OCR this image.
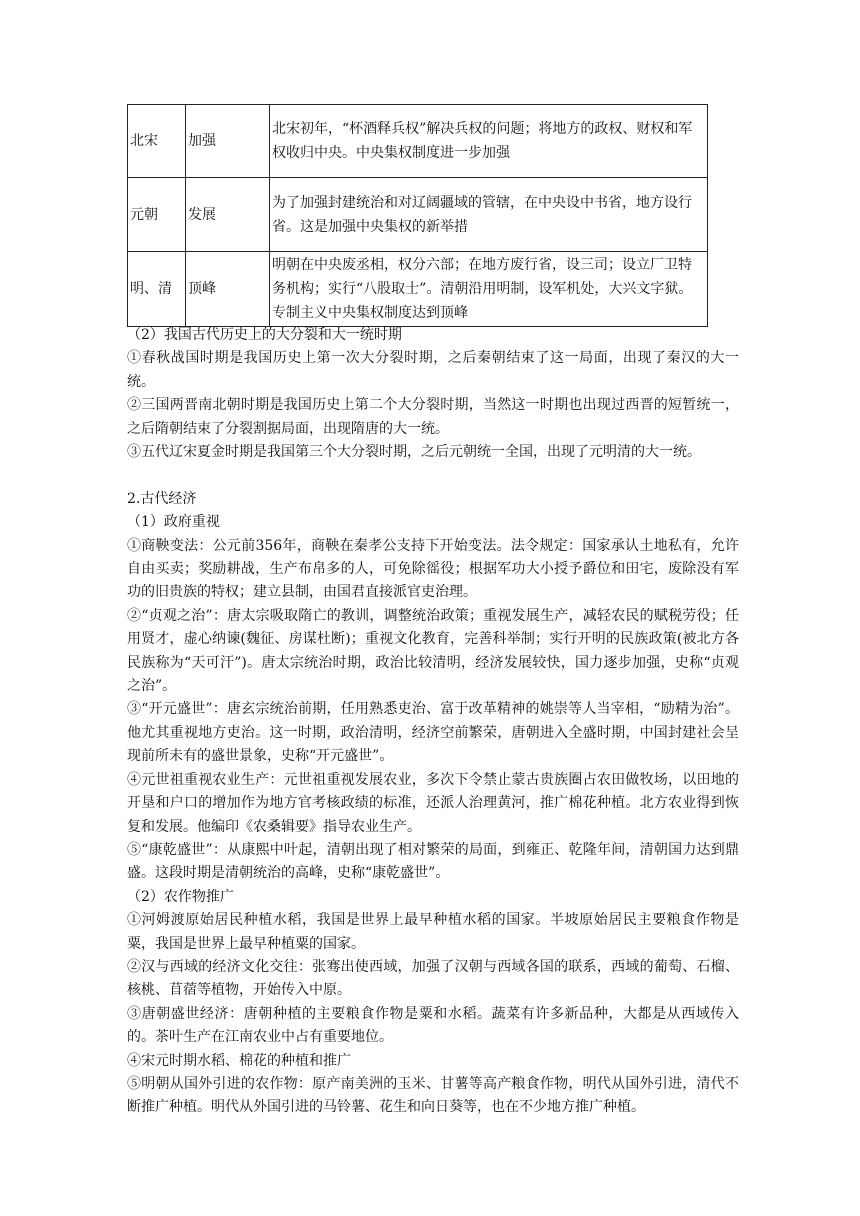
北宋	加强	北宋初年，“杯酒释兵权”解决兵权的问题；将地方的政权、财权和军权收归中央。中央集权制度进一步加强
元朝	发展	为了加强封建统治和对辽阔疆域的管辖，在中央设中书省，地方设行省。这是加强中央集权的新举措
明、清	顶峰	明朝在中央废丞相，权分六部；在地方废行省，设三司；设立厂卫特务机构；实行“八股取士”。清朝沿用明制，设军机处，大兴文字狱。专制主义中央集权制度达到顶峰

（2）我国古代历史上的大分裂和大一统时期

①春秋战国时期是我国历史上第一次大分裂时期，之后秦朝结束了这一局面，出现了秦汉的大一统。

②三国两晋南北朝时期是我国历史上第二个大分裂时期，当然这一时期也出现过西晋的短暂统一，之后隋朝结束了分裂割据局面，出现隋唐的大一统。

③五代辽宋夏金时期是我国第三个大分裂时期，之后元朝统一全国，出现了元明清的大一统。

2.古代经济

（1）政府重视

①商鞅变法：公元前356年，商鞅在秦孝公支持下开始变法。法令规定：国家承认土地私有，允许自由买卖；奖励耕战，生产布帛多的人，可免除徭役；根据军功大小授予爵位和田宅，废除没有军功的旧贵族的特权；建立县制，由国君直接派官吏治理。

②“贞观之治”：唐太宗吸取隋亡的教训，调整统治政策；重视发展生产，减轻农民的赋税劳役；任用贤才，虚心纳谏(魏征、房谋杜断)；重视文化教育，完善科举制；实行开明的民族政策(被北方各民族称为“天可汗”)。唐太宗统治时期，政治比较清明，经济发展较快，国力逐步加强，史称“贞观之治”。

③“开元盛世”：唐玄宗统治前期，任用熟悉吏治、富于改革精神的姚崇等人当宰相，“励精为治”。他尤其重视地方吏治。这一时期，政治清明，经济空前繁荣，唐朝进入全盛时期，中国封建社会呈现前所未有的盛世景象，史称“开元盛世”。

④元世祖重视农业生产：元世祖重视发展农业，多次下令禁止蒙古贵族圈占农田做牧场，以田地的开垦和户口的增加作为地方官考核政绩的标准，还派人治理黄河，推广棉花种植。北方农业得到恢复和发展。他编印《农桑辑要》指导农业生产。

⑤“康乾盛世”：从康熙中叶起，清朝出现了相对繁荣的局面，到雍正、乾隆年间，清朝国力达到鼎盛。这段时期是清朝统治的高峰，史称“康乾盛世”。

（2）农作物推广

①河姆渡原始居民种植水稻，我国是世界上最早种植水稻的国家。半坡原始居民主要粮食作物是粟，我国是世界上最早种植粟的国家。

②汉与西域的经济文化交往：张骞出使西域，加强了汉朝与西域各国的联系，西域的葡萄、石榴、核桃、苜蓿等植物，开始传入中原。

③唐朝盛世经济：唐朝种植的主要粮食作物是粟和水稻。蔬菜有许多新品种，大都是从西域传入的。茶叶生产在江南农业中占有重要地位。

④宋元时期水稻、棉花的种植和推广

⑤明朝从国外引进的农作物：原产南美洲的玉米、甘薯等高产粮食作物，明代从国外引进，清代不断推广种植。明代从外国引进的马铃薯、花生和向日葵等，也在不少地方推广种植。
